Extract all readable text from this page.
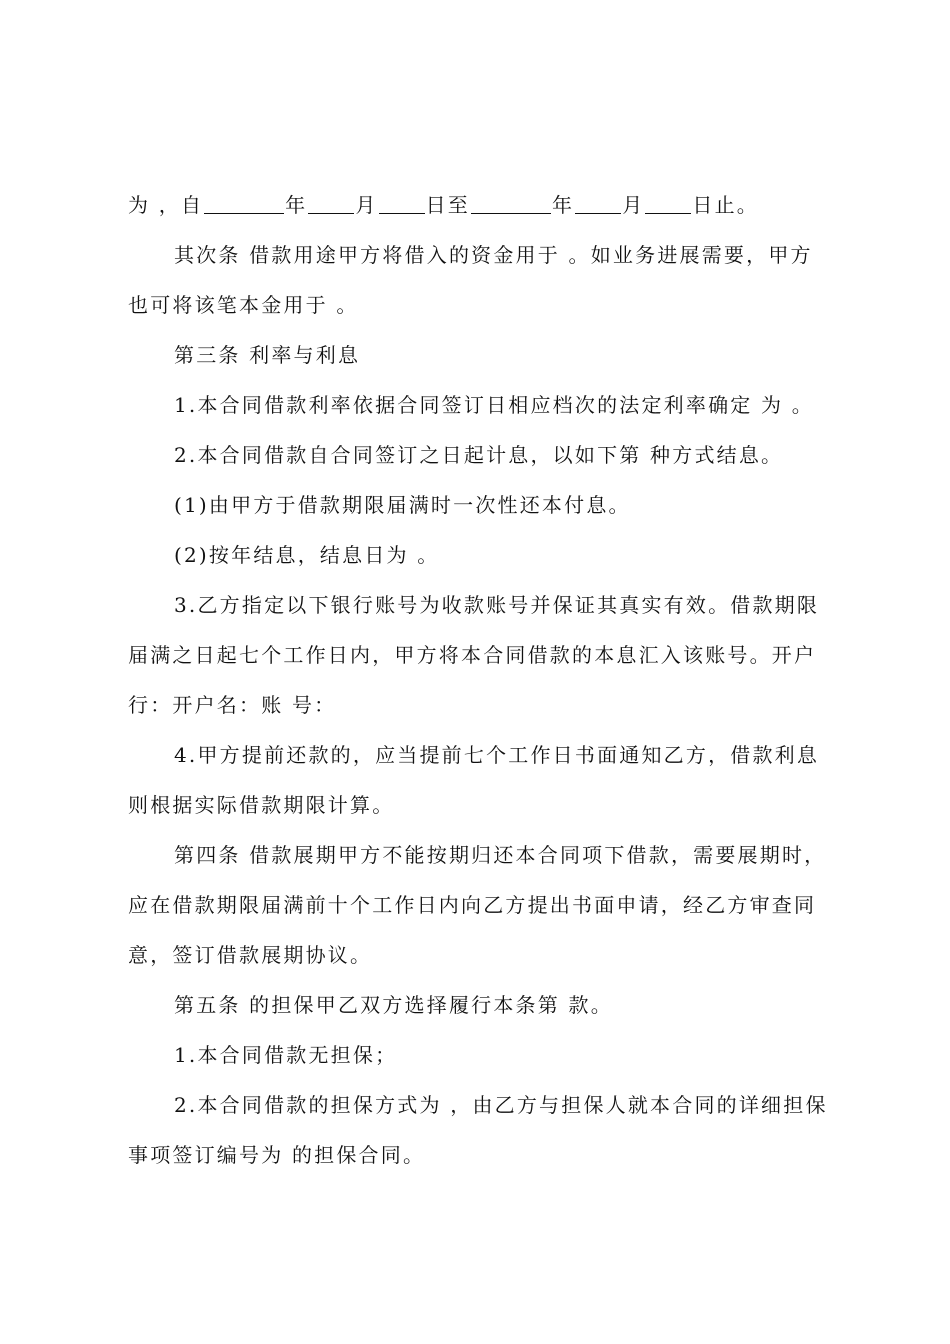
为 ，自	年 月 日至	年 月 日止。
其次条 借款用途甲方将借入的资金用于 。如业务进展需要，甲方
也可将该笔本金用于 。
第三条 利率与利息
1.本合同借款利率依据合同签订日相应档次的法定利率确定 为 。
2.本合同借款自合同签订之日起计息，以如下第 种方式结息。
(1)由甲方于借款期限届满时一次性还本付息。
(2)按年结息，结息日为 。
3.乙方指定以下银行账号为收款账号并保证其真实有效。借款期限
届满之日起七个工作日内，甲方将本合同借款的本息汇入该账号。开户
行：开户名：账 号：
4.甲方提前还款的，应当提前七个工作日书面通知乙方，借款利息
则根据实际借款期限计算。
第四条 借款展期甲方不能按期归还本合同项下借款，需要展期时，
应在借款期限届满前十个工作日内向乙方提出书面申请，经乙方审查同
意，签订借款展期协议。
第五条 的担保甲乙双方选择履行本条第 款。
1.本合同借款无担保；
2.本合同借款的担保方式为 ，由乙方与担保人就本合同的详细担保
事项签订编号为 的担保合同。
